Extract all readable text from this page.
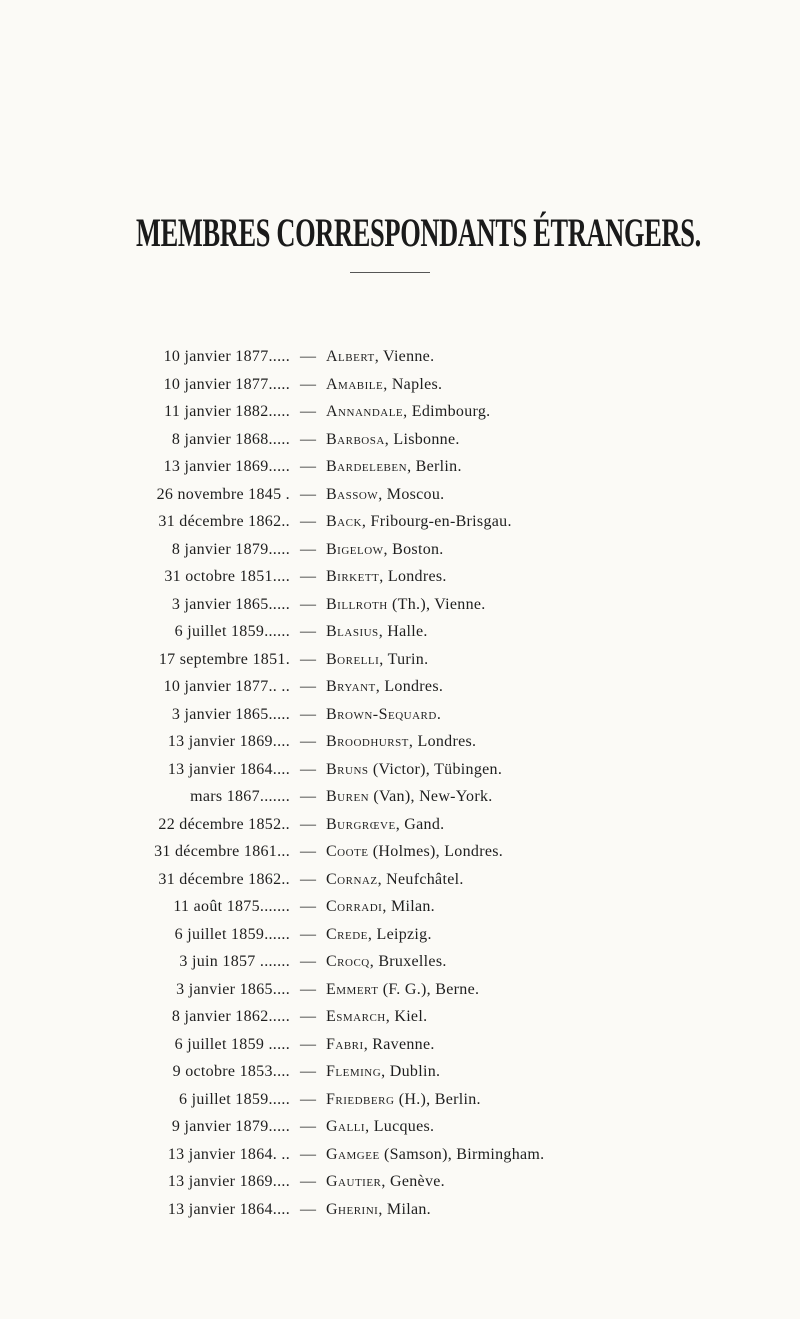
MEMBRES CORRESPONDANTS ÉTRANGERS.
10 janvier 1877..... — Albert, Vienne.
10 janvier 1877..... — Amabile, Naples.
11 janvier 1882..... — Annandale, Edimbourg.
8 janvier 1868..... — Barbosa, Lisbonne.
13 janvier 1869..... — Bardeleben, Berlin.
26 novembre 1845 . — Bassow, Moscou.
31 décembre 1862.. — Back, Fribourg-en-Brisgau.
8 janvier 1879..... — Bigelow, Boston.
31 octobre 1851.... — Birkett, Londres.
3 janvier 1865..... — Billroth (Th.), Vienne.
6 juillet 1859...... — Blasius, Halle.
17 septembre 1851. — Borelli, Turin.
10 janvier 1877.. .. — Bryant, Londres.
3 janvier 1865..... — Brown-Sequard.
13 janvier 1869.... — Broodhurst, Londres.
13 janvier 1864.... — Bruns (Victor), Tübingen.
mars 1867....... — Buren (Van), New-York.
22 décembre 1852.. — Burgrœve, Gand.
31 décembre 1861... — Coote (Holmes), Londres.
31 décembre 1862.. — Cornaz, Neufchâtel.
11 août 1875....... — Corradi, Milan.
6 juillet 1859...... — Crede, Leipzig.
3 juin 1857 ....... — Crocq, Bruxelles.
3 janvier 1865.... — Emmert (F. G.), Berne.
8 janvier 1862..... — Esmarch, Kiel.
6 juillet 1859 ..... — Fabri, Ravenne.
9 octobre 1853.... — Fleming, Dublin.
6 juillet 1859..... — Friedberg (H.), Berlin.
9 janvier 1879..... — Galli, Lucques.
13 janvier 1864. .. — Gamgee (Samson), Birmingham.
13 janvier 1869.... — Gautier, Genève.
13 janvier 1864.... — Gherini, Milan.
